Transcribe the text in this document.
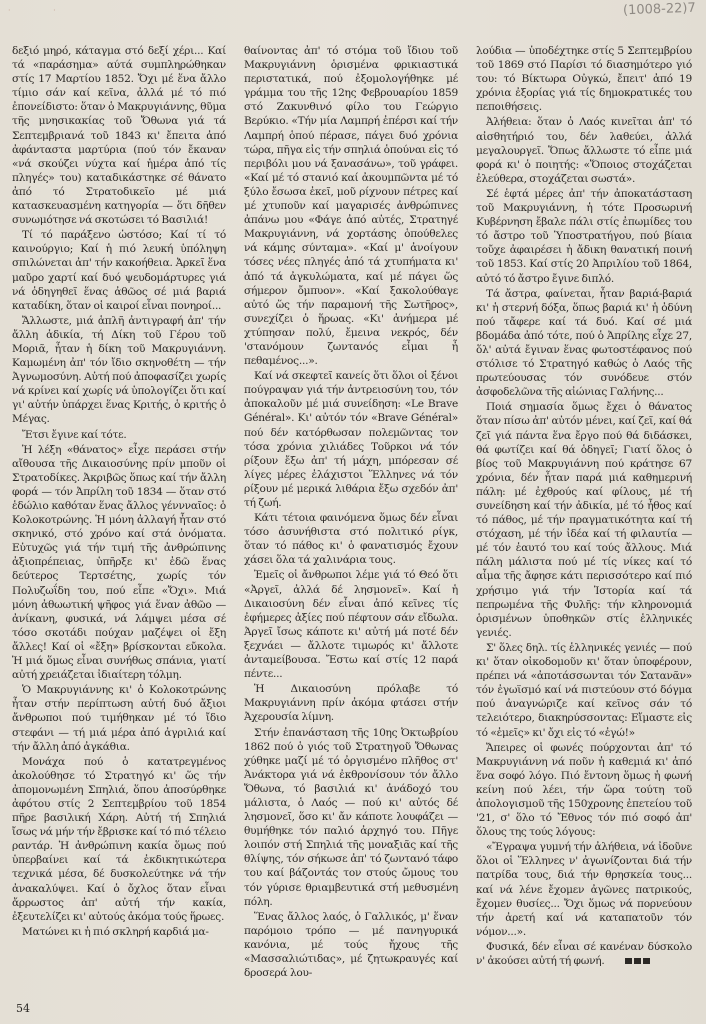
· ·	(1008-22)7

δεξιό μηρό, κάταγμα στό δεξί χέρι... Καί τά «παράσημα» αύτά συμπληρώθηκαν στίς 17 Μαρτίου 1852. Ὄχι μέ ἕνα ἄλλο τίμιο σάν καί κεῖνα, ἀλλά μέ τό πιό ἐπονείδιστο: ὅταν ὁ Μακρυγιάννης, θῦμα τῆς μνησικακίας τοῦ Ὄθωνα γιά τά Σεπτεμβριανά τοῦ 1843 κι' ἔπειτα ἀπό ἀφάνταστα μαρτύρια (πού τόν ἔκαναν «νά σκούζει νύχτα καί ἡμέρα ἀπό τίς πληγές» του) καταδικάστηκε σέ θάνατο ἀπό τό Στρατοδικεῖο μέ μιά κατασκευασμένη κατηγορία — ὅτι δῆθεν συνωμότησε νά σκοτώσει τό Βασιλιά!

Τί τό παράξενο ὡστόσο; Καί τί τό καινούργιο; Καί ἡ πιό λευκή ὑπόληψη σπιλώνεται ἀπ' τήν κακοήθεια. Ἀρκεῖ ἕνα μαῦρο χαρτί καί δυό ψευδομάρτυρες γιά νά ὁδηγηθεῖ ἕνας ἀθῶος σέ μιά βαριά καταδίκη, ὅταν οἱ καιροί εἶναι πονηροί...

Ἄλλωστε, μιά ἁπλῆ ἀντιγραφή ἀπ' τήν ἄλλη ἀδικία, τή Δίκη τοῦ Γέρου τοῦ Μοριᾶ, ἦταν ἡ δίκη τοῦ Μακρυγιάννη. Καμωμένη ἀπ' τόν ἴδιο σκηνοθέτη — τήν Ἀγνωμοσύνη. Αὐτή πού ἀποφασίζει χωρίς νά κρίνει καί χωρίς νά ὑπολογίζει ὅτι καί γι' αὐτήν ὑπάρχει ἕνας Κριτής, ὁ κριτής ὁ Μέγας.

Ἔτσι ἔγινε καί τότε.

Ἡ λέξη «θάνατος» εἶχε περάσει στήν αἴθουσα τῆς Δικαιοσύνης πρίν μποῦν οἱ Στρατοδίκες. Ἀκριβῶς ὅπως καί τήν ἄλλη φορά — τόν Ἀπρίλη τοῦ 1834 — ὅταν στό ἑδώλιο καθόταν ἕνας ἄλλος γέννναῖος: ὁ Κολοκοτρώνης. Ἡ μόνη ἀλλαγή ἦταν στό σκηνικό, στό χρόνο καί στά ὀνόματα. Εὐτυχῶς γιά τήν τιμή τῆς ἀνθρώπινης ἀξιοπρέπειας, ὑπῆρξε κι' ἐδῶ ἕνας δεύτερος Τερτσέτης, χωρίς τόν Πολυζωΐδη του, πού εἶπε «Ὄχι». Μιά μόνη ἀθωωτική ψῆφος γιά ἕναν ἀθῶο — ἀνίκανη, φυσικά, νά λάμψει μέσα σέ τόσο σκοτάδι πούχαν μαζέψει οἱ ἔξη ἄλλες! Καί οἱ «ἔξη» βρίσκονται εὔκολα. Ἡ μιά ὅμως εἶναι συνήθως σπάνια, γιατί αὐτή χρειάζεται ἰδιαίτερη τόλμη.

Ὁ Μακρυγιάννης κι' ὁ Κολοκοτρώνης ἦταν στήν περίπτωση αὐτή δυό ἄξιοι ἄνθρωποι πού τιμήθηκαν μέ τό ἴδιο στεφάνι — τή μιά μέρα ἀπό ἀγριλιά καί τήν ἄλλη ἀπό ἀγκάθια.

Μονάχα πού ὁ κατατρεγμένος ἀκολούθησε τό Στρατηγό κι' ὥς τήν ἀπομονωμένη Σπηλιά, ὅπου ἀποσύρθηκε ἀφότου στίς 2 Σεπτεμβρίου τοῦ 1854 πῆρε βασιλική Χάρη. Αὐτή τή Σπηλιά ἴσως νά μήν τήν ἔβρισκε καί τό πιό τέλειο ραντάρ. Ἡ ἀνθρώπινη κακία ὅμως πού ὑπερβαίνει καί τά ἐκδικητικώτερα τεχνικά μέσα, δέ δυσκολεύτηκε νά τήν ἀνακαλύψει. Καί ὁ ὄχλος ὅταν εἶναι ἄρρωστος ἀπ' αὐτή τήν κακία, ἐξευτελίζει κι' αὐτούς ἀκόμα τούς ἥρωες.

Ματώνει κι ἡ πιό σκληρή καρδιά μα-

θαίνοντας ἀπ' τό στόμα τοῦ ἴδιου τοῦ Μακρυγιάννη ὁρισμένα φρικιαστικά περιστατικά, πού ἐξομολογήθηκε μέ γράμμα του τῆς 12ης Φεβρουαρίου 1859 στό Ζακυνθινό φίλο του Γεώργιο Βερύκιο. «Τήν μία Λαμπρή ἐπέρσι καί τήν Λαμπρή ὁπού πέρασε, πάγει δυό χρόνια τώρα, πῆγα εἰς τήν σπηλιά ὁπούναι εἰς τό περιβόλι μου νά ξανασάνω», τοῦ γράφει. «Καί μέ τό στανιό καί ἀκουμπῶντα μέ τό ξύλο ἔσωσα ἐκεῖ, μοῦ ρίχνουν πέτρες καί μέ χτυποῦν καί μαγαρισές ἀνθρώπινες ἀπάνω μου «Φάγε ἀπό αὐτές, Στρατηγέ Μακρυγιάννη, νά χορτάσης ὁπούθελες νά κάμης σύνταμα». «Καί μ' ἀνοίγουν τόσες νέες πληγές ἀπό τά χτυπήματα κι' ἀπό τά ἀγκυλώματα, καί μέ πάγει ὥς σήμερον ὄμπυον». «Καί ξακολούθαγε αὐτό ὥς τήν παραμονή τῆς Σωτῆρος», συνεχίζει ὁ ἥρωας. «Κι' ἀνήμερα μέ χτύπησαν πολύ, ἔμεινα νεκρός, δέν 'στανόμουν ζωντανός εἶμαι ἦ πεθαμένος...».

Καί νά σκεφτεῖ κανείς ὅτι ὅλοι οἱ ξένοι πούγραψαν γιά τήν ἀντρειοσύνη του, τόν ἀποκαλοῦν μέ μιά συνείδηση: «Le Brave Général». Κι' αὐτόν τόν «Brave Général» πού δέν κατόρθωσαν πολεμῶντας τον τόσα χρόνια χιλιάδες Τοῦρκοι νά τόν ρίξουν ἔξω ἀπ' τή μάχη, μπόρεσαν σέ λίγες μέρες ἐλάχιστοι Ἕλληνες νά τόν ρίξουν μέ μερικά λιθάρια ἔξω σχεδόν ἀπ' τή ζωή.

Κάτι τέτοια φαινόμενα ὅμως δέν εἶναι τόσο ἀσυνήθιστα στό πολιτικό ρίγκ, ὅταν τό πάθος κι' ὁ φανατισμός ἔχουν χάσει ὅλα τά χαλινάρια τους.

Ἐμεῖς οἱ ἄνθρωποι λέμε γιά τό Θεό ὅτι «Ἀργεῖ, ἀλλά δέ λησμονεῖ». Καί ἡ Δικαιοσύνη δέν εἶναι ἀπό κεῖνες τίς ἐφήμερες ἀξίες πού πέφτουν σάν εἴδωλα. Ἀργεῖ ἴσως κάποτε κι' αὐτή μά ποτέ δέν ξεχνάει — ἄλλοτε τιμωρός κι' ἄλλοτε ἀνταμείβουσα. Ἔστω καί στίς 12 παρά πέντε...

Ἡ Δικαιοσύνη πρόλαβε τό Μακρυγιάννη πρίν ἀκόμα φτάσει στήν Ἀχερουσία λίμνη.

Στήν ἐπανάσταση τῆς 10ης Ὀκτωβρίου 1862 πού ὁ γιός τοῦ Στρατηγοῦ Ὄθωνας χύθηκε μαζί μέ τό ὀργισμένο πλῆθος στ' Ἀνάκτορα γιά νά ἐκθρονίσουν τόν ἄλλο Ὄθωνα, τό βασιλιά κι' ἀνάδοχό του μάλιστα, ὁ Λαός — πού κι' αὐτός δέ λησμονεῖ, ὅσο κι' ἄν κάποτε λουφάζει — θυμήθηκε τόν παλιό ἀρχηγό του. Πῆγε λοιπόν στή Σπηλιά τῆς μοναξιᾶς καί τῆς θλίψης, τόν σήκωσε ἀπ' τό ζωντανό τάφο του καί βάζοντάς τον στούς ὤμους του τόν γύρισε θριαμβευτικά στή μεθυσμένη πόλη.

Ἕνας ἄλλος λαός, ὁ Γαλλικός, μ' ἕναν παρόμοιο τρόπο — μέ πανηγυρικά κανόνια, μέ τούς ἤχους τῆς «Μασσαλιώτιδας», μέ ζητωκραυγές καί δροσερά λου-

λούδια — ὑποδέχτηκε στίς 5 Σεπτεμβρίου τοῦ 1869 στό Παρίσι τό διασημότερο γιό του: τό Βίκτωρα Οὐγκώ, ἔπειτ' ἀπό 19 χρόνια ἐξορίας γιά τίς δημοκρατικές του πεποιθήσεις.

Ἀλήθεια: ὅταν ὁ Λαός κινεῖται ἀπ' τό αἰσθητήριό του, δέν λαθεύει, ἀλλά μεγαλουργεῖ. Ὅπως ἄλλωστε τό εἶπε μιά φορά κι' ὁ ποιητής: «Ὅποιος στοχάζεται ἐλεύθερα, στοχάζεται σωστά».

Σέ ἑφτά μέρες ἀπ' τήν ἀποκατάσταση τοῦ Μακρυγιάννη, ἡ τότε Προσωρινή Κυβέρνηση ἔβαλε πάλι στίς ἐπωμίδες του τό ἄστρο τοῦ Ὑποστρατήγου, πού βίαια τοὔχε ἀφαιρέσει ἡ ἄδικη θανατική ποινή τοῦ 1853. Καί στίς 20 Ἀπριλίου τοῦ 1864, αὐτό τό ἄστρο ἔγινε διπλό.

Τά ἄστρα, φαίνεται, ἦταν βαριά-βαριά κι' ἡ στερνή δόξα, ὅπως βαριά κι' ἡ ὀδύνη πού τἄφερε καί τά δυό. Καί σέ μιά βδομάδα ἀπό τότε, πού ὁ Ἀπρίλης εἶχε 27, ὅλ' αὐτά ἔγιναν ἕνας φωτοστέφανος πού στόλισε τό Στρατηγό καθώς ὁ Λαός τῆς πρωτεύουσας τόν συνόδευε στόν ἀσφοδελῶνα τῆς αἰώνιας Γαλήνης...

Ποιά σημασία ὅμως ἔχει ὁ θάνατος ὅταν πίσω ἀπ' αὐτόν μένει, καί ζεῖ, καί θά ζεῖ γιά πάντα ἕνα ἔργο πού θά διδάσκει, θά φωτίζει καί θά ὁδηγεῖ; Γιατί ὅλος ὁ βίος τοῦ Μακρυγιάννη πού κράτησε 67 χρόνια, δέν ἦταν παρά μιά καθημερινή πάλη: μέ ἐχθρούς καί φίλους, μέ τή συνείδηση καί τήν ἀδικία, μέ τό ἦθος καί τό πάθος, μέ τήν πραγματικότητα καί τή στόχαση, μέ τήν ἰδέα καί τή φιλαυτία — μέ τόν ἑαυτό του καί τούς ἄλλους. Μιά πάλη μάλιστα πού μέ τίς νίκες καί τό αἷμα τῆς ἄφησε κάτι περισσότερο καί πιό χρήσιμο γιά τήν Ἱστορία καί τά πεπρωμένα τῆς Φυλῆς: τήν κληρονομιά ὁρισμένων ὑποθηκῶν στίς ἑλληνικές γενιές.

Σ' ὅλες δηλ. τίς ἑλληνικές γενιές — πού κι' ὅταν οἰκοδομοῦν κι' ὅταν ὑποφέρουν, πρέπει νά «ἀποτάσσωνται τόν Σατανᾶν» τόν ἐγωϊσμό καί νά πιστεύουν στό δόγμα πού ἀναγνώριζε καί κεῖνος σάν τό τελειότερο, διακηρύσσοντας: Εἴμαστε εἰς τό «ἐμεῖς» κι' ὄχι εἰς τό «ἐγώ!»

Ἄπειρες οἱ φωνές πούρχονται ἀπ' τό Μακρυγιάννη νά ποῦν ἡ καθεμιά κι' ἀπό ἕνα σοφό λόγο. Πιό ἔντονη ὅμως ἡ φωνή κείνη πού λέει, τήν ὥρα τούτη τοῦ ἀπολογισμοῦ τῆς 150χρονης ἐπετείου τοῦ '21, σ' ὅλο τό Ἔθνος τόν πιό σοφό ἀπ' ὅλους της τούς λόγους:

«Ἔγραψα γυμνή τήν ἀλήθεια, νά ἰδοῦνε ὅλοι οἱ Ἕλληνες ν' ἀγωνίζονται διά τήν πατρίδα τους, διά τήν θρησκεία τους... καί νά λένε ἔχομεν ἀγῶνες πατρικούς, ἔχομεν θυσίες... Ὄχι ὅμως νά πορνεύουν τήν ἀρετή καί νά καταπατοῦν τόν νόμον...».

Φυσικά, δέν εἶναι σέ κανέναν δύσκολο ν' ἀκούσει αὐτή τή φωνή.

54
